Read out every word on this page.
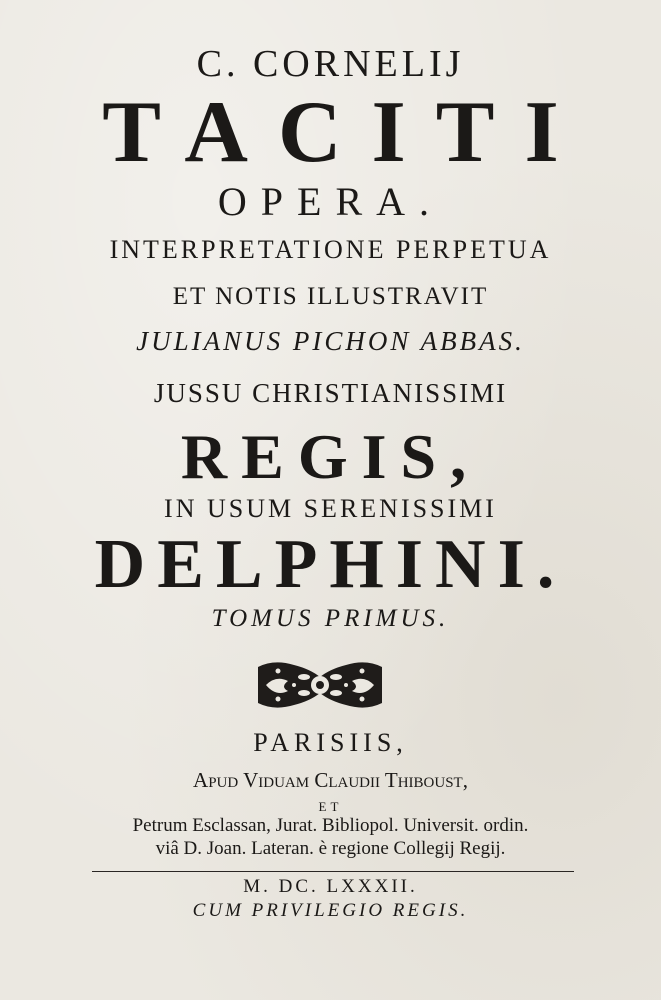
C. CORNELIJ
TACITI
OPERA.
INTERPRETATIONE PERPETUA
ET NOTIS ILLUSTRAVIT
JULIANUS PICHON ABBAS.
JUSSU CHRISTIANISSIMI
REGIS,
IN USUM SERENISSIMI
DELPHINI.
TOMUS PRIMUS.
PARISIIS,
Apud Viduam Claudii Thiboust,
ET
Petrum Esclassan, Jurat. Bibliopol. Universit. ordin.
viâ D. Joan. Lateran. è regione Collegij Regij.
M. DC. LXXXII.
CUM PRIVILEGIO REGIS.
